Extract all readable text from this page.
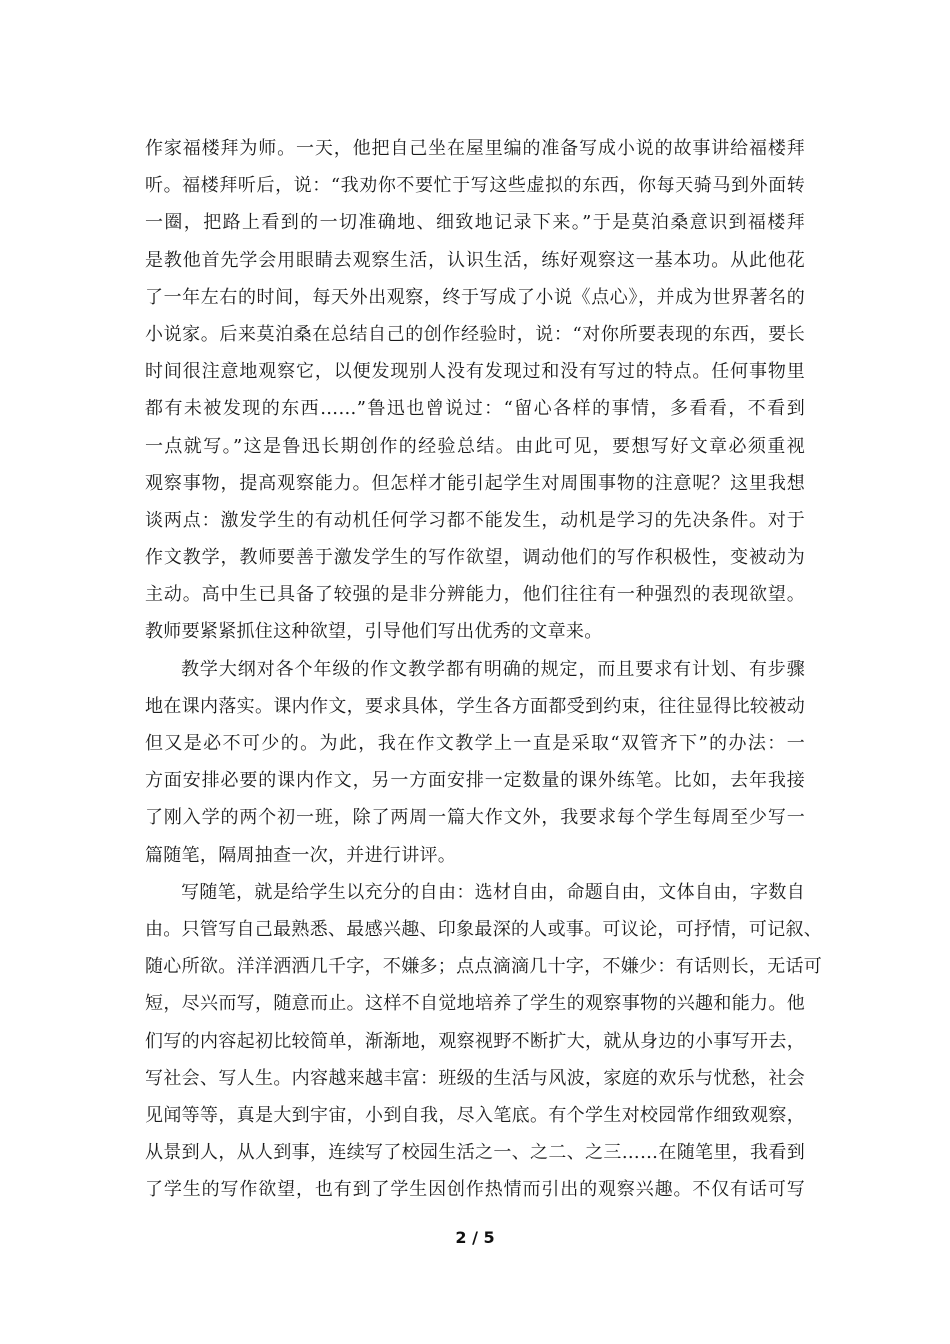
作家福楼拜为师。一天，他把自己坐在屋里编的准备写成小说的故事讲给福楼拜
听。福楼拜听后，说：“我劝你不要忙于写这些虚拟的东西，你每天骑马到外面转
一圈，把路上看到的一切准确地、细致地记录下来。”于是莫泊桑意识到福楼拜
是教他首先学会用眼睛去观察生活，认识生活，练好观察这一基本功。从此他花
了一年左右的时间，每天外出观察，终于写成了小说《点心》，并成为世界著名的
小说家。后来莫泊桑在总结自己的创作经验时，说：“对你所要表现的东西，要长
时间很注意地观察它，以便发现别人没有发现过和没有写过的特点。任何事物里
都有未被发现的东西……”鲁迅也曾说过：“留心各样的事情，多看看，不看到
一点就写。”这是鲁迅长期创作的经验总结。由此可见，要想写好文章必须重视
观察事物，提高观察能力。但怎样才能引起学生对周围事物的注意呢？这里我想
谈两点：激发学生的有动机任何学习都不能发生，动机是学习的先决条件。对于
作文教学，教师要善于激发学生的写作欲望，调动他们的写作积极性，变被动为
主动。高中生已具备了较强的是非分辨能力，他们往往有一种强烈的表现欲望。
教师要紧紧抓住这种欲望，引导他们写出优秀的文章来。
教学大纲对各个年级的作文教学都有明确的规定，而且要求有计划、有步骤
地在课内落实。课内作文，要求具体，学生各方面都受到约束，往往显得比较被动
但又是必不可少的。为此，我在作文教学上一直是采取“双管齐下”的办法：一
方面安排必要的课内作文，另一方面安排一定数量的课外练笔。比如，去年我接
了刚入学的两个初一班，除了两周一篇大作文外，我要求每个学生每周至少写一
篇随笔，隔周抽查一次，并进行讲评。
写随笔，就是给学生以充分的自由：选材自由，命题自由，文体自由，字数自
由。只管写自己最熟悉、最感兴趣、印象最深的人或事。可议论，可抒情，可记叙、
随心所欲。洋洋洒洒几千字，不嫌多；点点滴滴几十字，不嫌少：有话则长，无话可
短，尽兴而写，随意而止。这样不自觉地培养了学生的观察事物的兴趣和能力。他
们写的内容起初比较简单，渐渐地，观察视野不断扩大，就从身边的小事写开去，
写社会、写人生。内容越来越丰富：班级的生活与风波，家庭的欢乐与忧愁，社会
见闻等等，真是大到宇宙，小到自我，尽入笔底。有个学生对校园常作细致观察，
从景到人，从人到事，连续写了校园生活之一、之二、之三……在随笔里，我看到
了学生的写作欲望，也有到了学生因创作热情而引出的观察兴趣。不仅有话可写
2 / 5
